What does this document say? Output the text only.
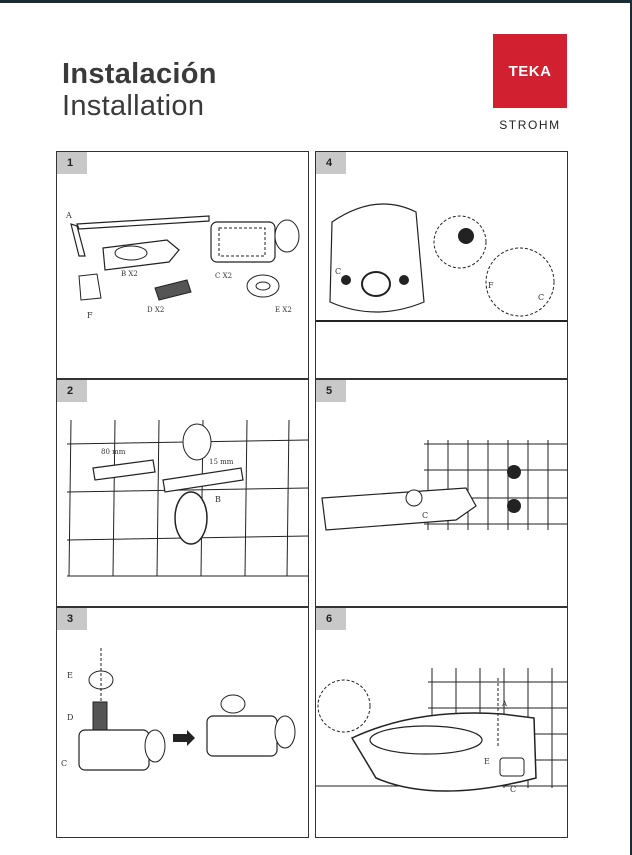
Instalación
Installation
TEKA
STROHM
1
A
B X2	C X2
D X2	E X2
F
4
C
F
C
2
80 mm
15 mm
B
5
C
3
E
D
C
6
A
E
C
